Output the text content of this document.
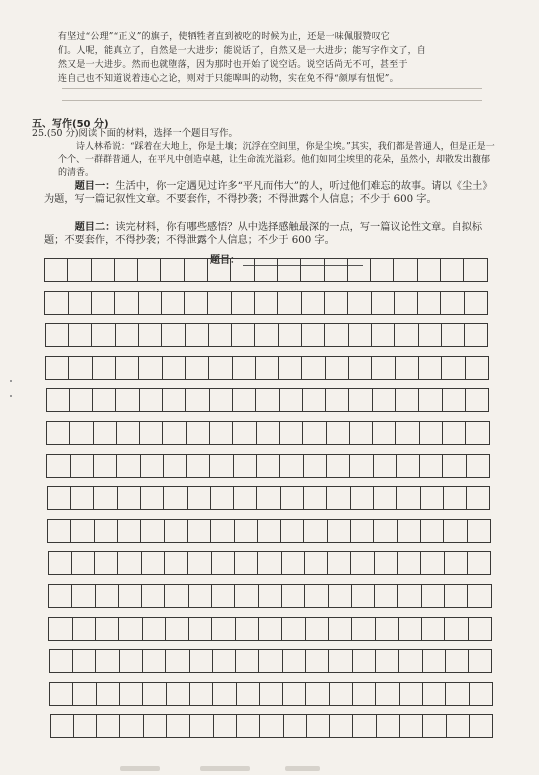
有坚过“公理”“正义”的旗子，使牺牲者直到被吃的时候为止，还是一味佩服赞叹它

们。人呢，能真立了，自然是一大进步；能说话了，自然又是一大进步；能写字作文了，自

然又是一大进步。然而也就堕落，因为那时也开始了说空话。说空话尚无不可，甚至于

连自己也不知道说着违心之论，则对于只能嗥叫的动物，实在免不得“颜厚有忸怩”。

五、写作(50 分)
25.(50 分)阅读下面的材料，选择一个题目写作。

诗人林希说：“踩着在大地上，你是土壤；沉浮在空间里，你是尘埃。”其实，我们都是普通人，但是正是一个个、一群群普通人，在平凡中创造卓越，让生命流光溢彩。他们如同尘埃里的花朵，虽然小，却散发出馥郁的清香。

题目一：生活中，你一定遇见过许多“平凡而伟大”的人，听过他们难忘的故事。请以《尘土》为题，写一篇记叙性文章。不要套作，不得抄袭；不得泄露个人信息；不少于 600 字。
题目二：读完材料，你有哪些感悟？从中选择感触最深的一点，写一篇议论性文章。自拟标题；不要套作，不得抄袭；不得泄露个人信息；不少于 600 字。
题目：
